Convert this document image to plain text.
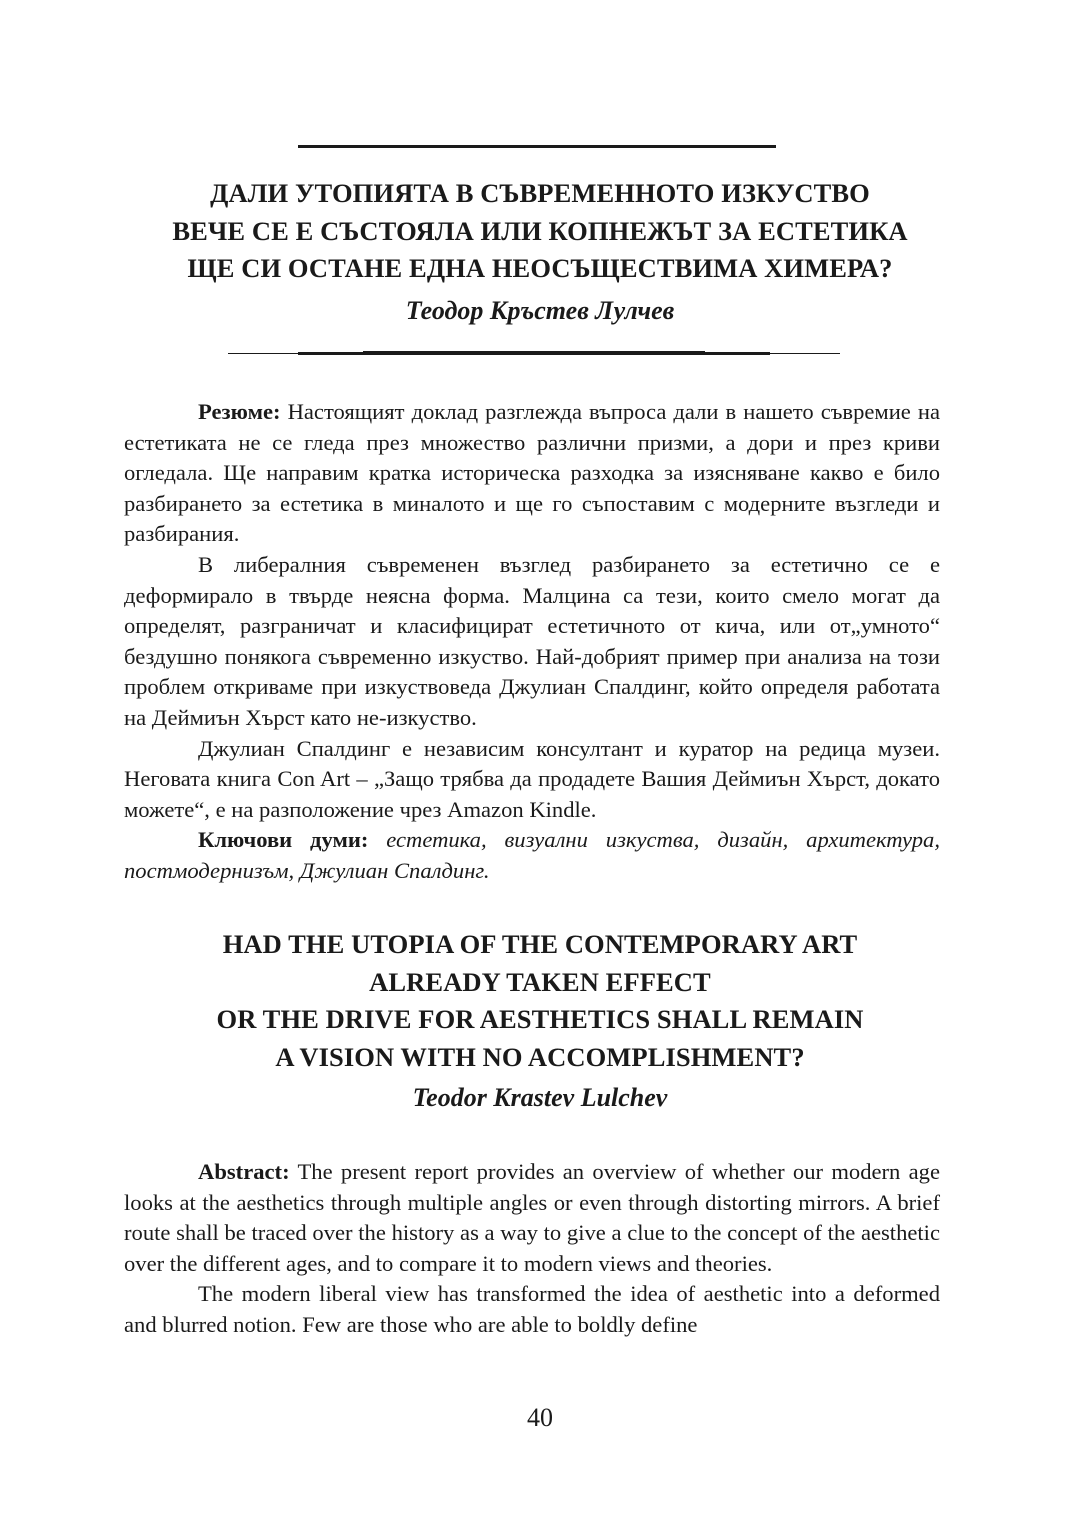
ДАЛИ УТОПИЯТА В СЪВРЕМЕННОТО ИЗКУСТВО
ВЕЧЕ СЕ Е СЪСТОЯЛА ИЛИ КОПНЕЖЪТ ЗА ЕСТЕТИКА
ЩЕ СИ ОСТАНЕ ЕДНА НЕОСЪЩЕСТВИМА ХИМЕРА?

Теодор Кръстев Лулчев

Резюме: Настоящият доклад разглежда въпроса дали в нашето съвремие на естетиката не се гледа през множество различни призми, а дори и през криви огледала. Ще направим кратка историческа разходка за изясняване какво е било разбирането за естетика в миналото и ще го съпоставим с модерните възгледи и разбирания.

В либералния съвременен възглед разбирането за естетично се е деформирало в твърде неясна форма. Малцина са тези, които смело могат да определят, разграничат и класифицират естетичното от кича, или от„умното“ бездушно понякога съвременно изкуство. Най-добрият пример при анализа на този проблем откриваме при изкуствоведа Джулиан Спалдинг, който определя работата на Деймиън Хърст като не-изкуство.

Джулиан Спалдинг е независим консултант и куратор на редица музеи. Неговата книга Con Art – „Защо трябва да продадете Вашия Деймиън Хърст, докато можете“, е на разположение чрез Amazon Kindle.

Ключови думи: естетика, визуални изкуства, дизайн, архитектура, постмодернизъм, Джулиан Спалдинг.

HAD THE UTOPIA OF THE CONTEMPORARY ART
ALREADY TAKEN EFFECT
OR THE DRIVE FOR AESTHETICS SHALL REMAIN
A VISION WITH NO ACCOMPLISHMENT?

Teodor Krastev Lulchev

Abstract: The present report provides an overview of whether our modern age looks at the aesthetics through multiple angles or even through distorting mirrors. A brief route shall be traced over the history as a way to give a clue to the concept of the aesthetic over the different ages, and to compare it to modern views and theories.

The modern liberal view has transformed the idea of aesthetic into a deformed and blurred notion. Few are those who are able to boldly define

40
